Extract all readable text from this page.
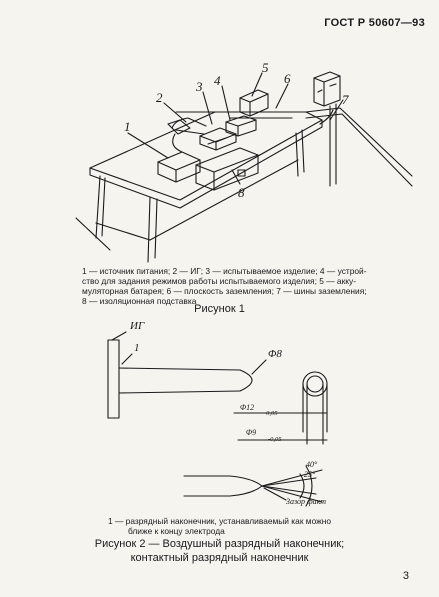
ГОСТ Р 50607—93
1
2
3 4
5
6
7
8
ИГ
1	Φ8
Φ12
-0,05
Φ9
-0,05
40°
25°
Зазор факт
1 — источник питания; 2 — ИГ; 3 — испытываемое изделие; 4 — устрой-
ство для задания режимов работы испытываемого изделия; 5 — акку-
муляторная батарея; 6 — плоскость заземления; 7 — шины заземления;
8 — изоляционная подставка
Рисунок 1
1 — разрядный наконечник, устанавливаемый как можно
ближе к концу электрода
Рисунок 2 — Воздушный разрядный наконечник;
контактный разрядный наконечник
3
